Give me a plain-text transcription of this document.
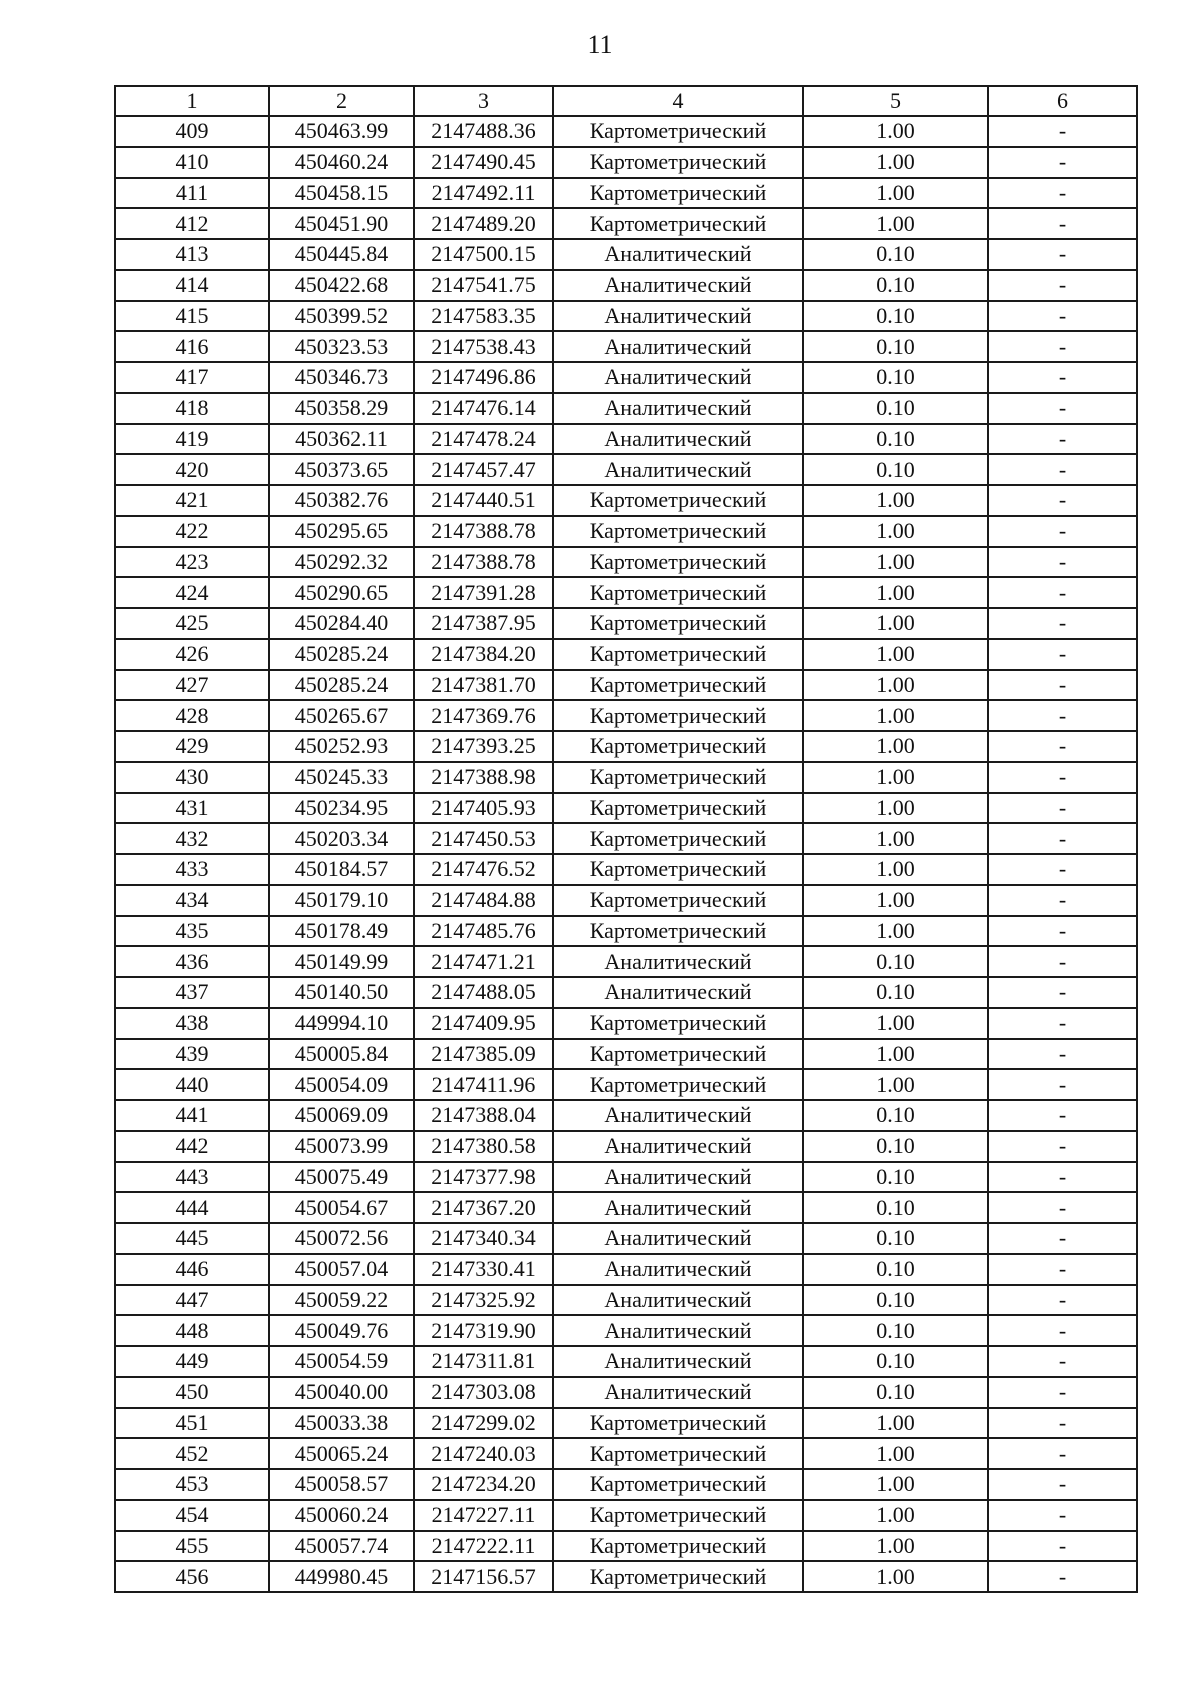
11
1	2	3	4	5	6
409	450463.99	2147488.36	Картометрический	1.00	-
410	450460.24	2147490.45	Картометрический	1.00	-
411	450458.15	2147492.11	Картометрический	1.00	-
412	450451.90	2147489.20	Картометрический	1.00	-
413	450445.84	2147500.15	Аналитический	0.10	-
414	450422.68	2147541.75	Аналитический	0.10	-
415	450399.52	2147583.35	Аналитический	0.10	-
416	450323.53	2147538.43	Аналитический	0.10	-
417	450346.73	2147496.86	Аналитический	0.10	-
418	450358.29	2147476.14	Аналитический	0.10	-
419	450362.11	2147478.24	Аналитический	0.10	-
420	450373.65	2147457.47	Аналитический	0.10	-
421	450382.76	2147440.51	Картометрический	1.00	-
422	450295.65	2147388.78	Картометрический	1.00	-
423	450292.32	2147388.78	Картометрический	1.00	-
424	450290.65	2147391.28	Картометрический	1.00	-
425	450284.40	2147387.95	Картометрический	1.00	-
426	450285.24	2147384.20	Картометрический	1.00	-
427	450285.24	2147381.70	Картометрический	1.00	-
428	450265.67	2147369.76	Картометрический	1.00	-
429	450252.93	2147393.25	Картометрический	1.00	-
430	450245.33	2147388.98	Картометрический	1.00	-
431	450234.95	2147405.93	Картометрический	1.00	-
432	450203.34	2147450.53	Картометрический	1.00	-
433	450184.57	2147476.52	Картометрический	1.00	-
434	450179.10	2147484.88	Картометрический	1.00	-
435	450178.49	2147485.76	Картометрический	1.00	-
436	450149.99	2147471.21	Аналитический	0.10	-
437	450140.50	2147488.05	Аналитический	0.10	-
438	449994.10	2147409.95	Картометрический	1.00	-
439	450005.84	2147385.09	Картометрический	1.00	-
440	450054.09	2147411.96	Картометрический	1.00	-
441	450069.09	2147388.04	Аналитический	0.10	-
442	450073.99	2147380.58	Аналитический	0.10	-
443	450075.49	2147377.98	Аналитический	0.10	-
444	450054.67	2147367.20	Аналитический	0.10	-
445	450072.56	2147340.34	Аналитический	0.10	-
446	450057.04	2147330.41	Аналитический	0.10	-
447	450059.22	2147325.92	Аналитический	0.10	-
448	450049.76	2147319.90	Аналитический	0.10	-
449	450054.59	2147311.81	Аналитический	0.10	-
450	450040.00	2147303.08	Аналитический	0.10	-
451	450033.38	2147299.02	Картометрический	1.00	-
452	450065.24	2147240.03	Картометрический	1.00	-
453	450058.57	2147234.20	Картометрический	1.00	-
454	450060.24	2147227.11	Картометрический	1.00	-
455	450057.74	2147222.11	Картометрический	1.00	-
456	449980.45	2147156.57	Картометрический	1.00	-
